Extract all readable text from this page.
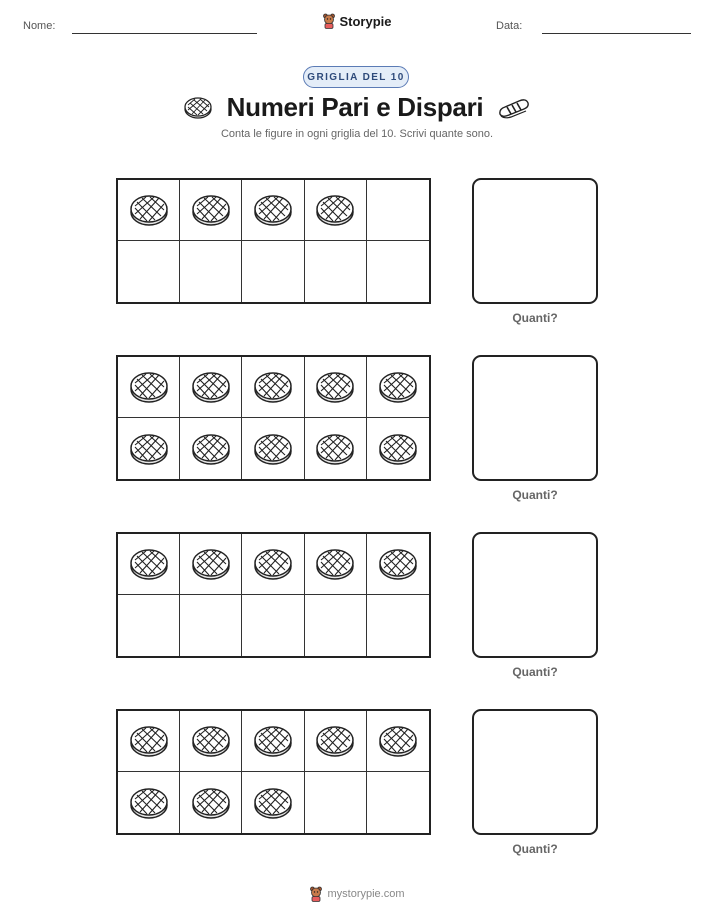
Nome:	Storypie	Data:
GRIGLIA DEL 10
Numeri Pari e Dispari
Conta le figure in ogni griglia del 10. Scrivi quante sono.
Quanti?
Quanti?
Quanti?
Quanti?
mystorypie.com
